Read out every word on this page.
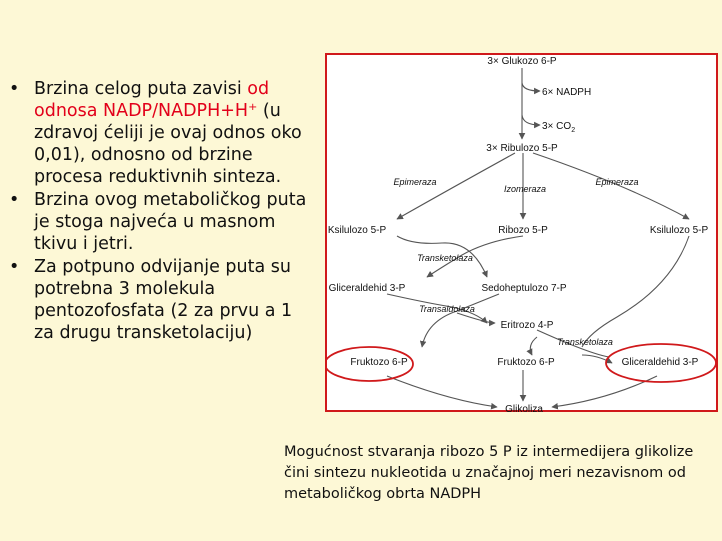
• Brzina celog puta zavisi od odnosa NADP/NADPH+H⁺ (u zdravoj ćeliji je ovaj odnos oko 0,01), odnosno od brzine procesa reduktivnih sinteza.
• Brzina ovog metaboličkog puta je stoga najveća u masnom tkivu i jetri.
• Za potpuno odvijanje puta su potrebna 3 molekula pentozofosfata (2 za prvu a 1 za drugu transketolaciju)
3× Glukozo 6-P
6× NADPH
$3\times CO_2$
3× Ribulozo 5-P
Epimeraza
Izomeraza
Epimeraza
Ksilulozo 5-P	Ribozo 5-P	Ksilulozo 5-P
Transketolaza
Gliceraldehid 3-P	Sedoheptulozo 7-P
Transaldolaza
Eritrozo 4-P
Transketolaza
Fruktozo 6-P	Fruktozo 6-P	Gliceraldehid 3-P
Glikoliza
Mogućnost stvaranja ribozo 5 P iz intermedijera glikolize čini sintezu nukleotida u značajnoj meri nezavisnom od metaboličkog obrta NADPH
